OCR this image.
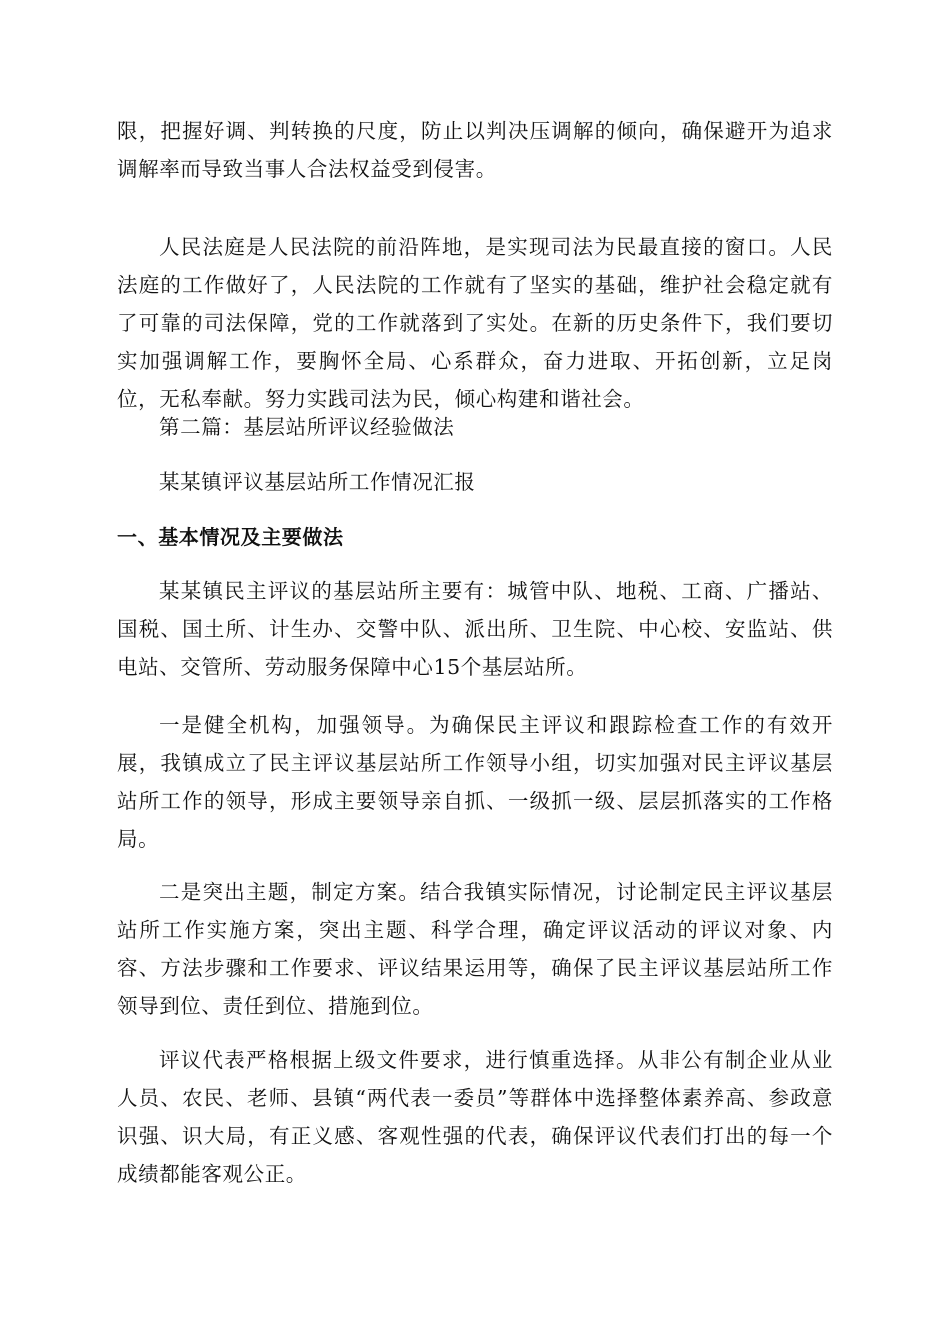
限，把握好调、判转换的尺度，防止以判决压调解的倾向，确保避开为追求调解率而导致当事人合法权益受到侵害。

人民法庭是人民法院的前沿阵地，是实现司法为民最直接的窗口。人民法庭的工作做好了，人民法院的工作就有了坚实的基础，维护社会稳定就有了可靠的司法保障，党的工作就落到了实处。在新的历史条件下，我们要切实加强调解工作，要胸怀全局、心系群众，奋力进取、开拓创新，立足岗位，无私奉献。努力实践司法为民，倾心构建和谐社会。

第二篇：基层站所评议经验做法

某某镇评议基层站所工作情况汇报

一、基本情况及主要做法

某某镇民主评议的基层站所主要有：城管中队、地税、工商、广播站、国税、国土所、计生办、交警中队、派出所、卫生院、中心校、安监站、供电站、交管所、劳动服务保障中心15个基层站所。

一是健全机构，加强领导。为确保民主评议和跟踪检查工作的有效开展，我镇成立了民主评议基层站所工作领导小组，切实加强对民主评议基层站所工作的领导，形成主要领导亲自抓、一级抓一级、层层抓落实的工作格局。

二是突出主题，制定方案。结合我镇实际情况，讨论制定民主评议基层站所工作实施方案，突出主题、科学合理，确定评议活动的评议对象、内容、方法步骤和工作要求、评议结果运用等，确保了民主评议基层站所工作领导到位、责任到位、措施到位。

评议代表严格根据上级文件要求，进行慎重选择。从非公有制企业从业人员、农民、老师、县镇“两代表一委员”等群体中选择整体素养高、参政意识强、识大局，有正义感、客观性强的代表，确保评议代表们打出的每一个成绩都能客观公正。
